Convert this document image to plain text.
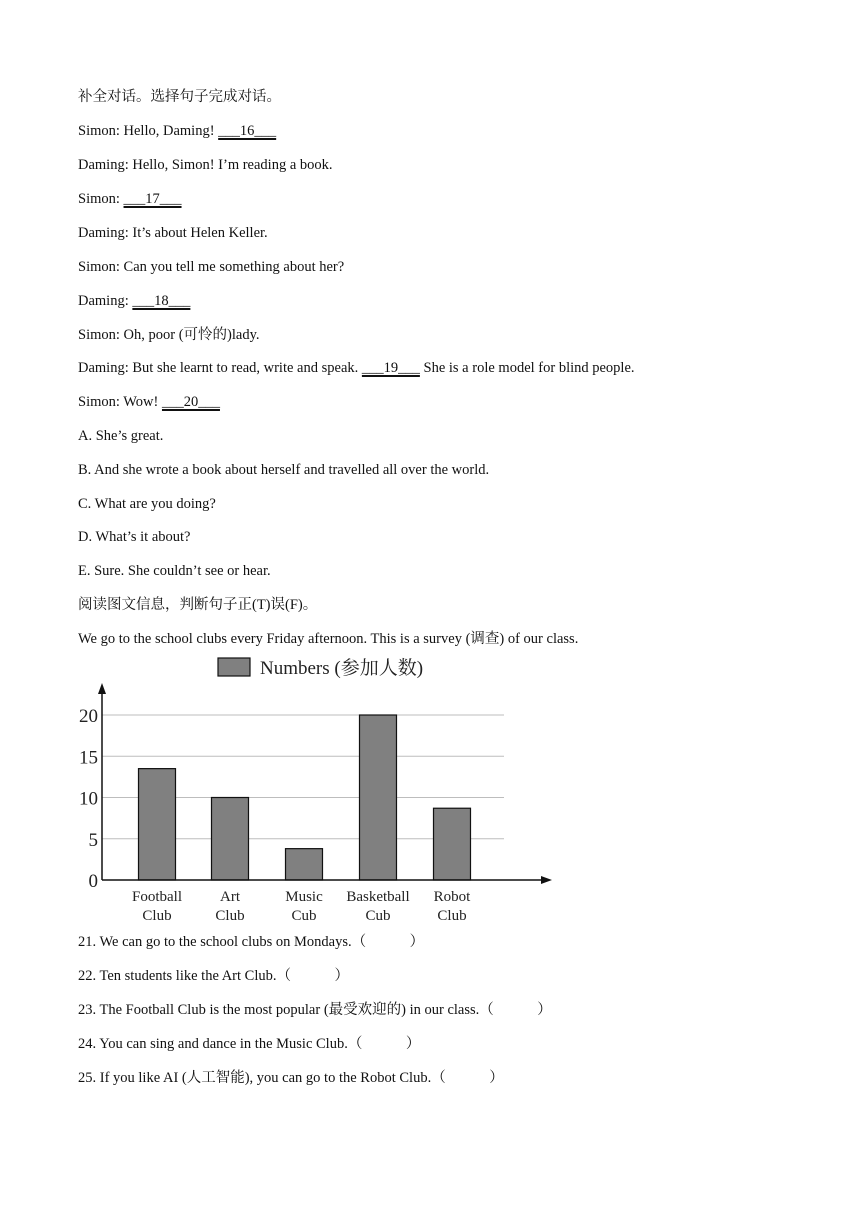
补全对话。选择句子完成对话。
Simon: Hello, Daming! ___16___
Daming: Hello, Simon! I’m reading a book.
Simon: ___17___
Daming: It’s about Helen Keller.
Simon: Can you tell me something about her?
Daming: ___18___
Simon: Oh, poor (可怜的)lady.
Daming: But she learnt to read, write and speak. ___19___ She is a role model for blind people.
Simon: Wow! ___20___
A. She’s great.
B. And she wrote a book about herself and travelled all over the world.
C. What are you doing?
D. What’s it about?
E. Sure. She couldn’t see or hear.
阅读图文信息，判断句子正(T)误(F)。
We go to the school clubs every Friday afternoon. This is a survey (调查) of our class.
Numbers (参加人数)
0
5
10
15
20
Football
Club
Art
Club
Music
Cub
Basketball
Cub
Robot
Club
21. We can go to the school clubs on Mondays.（　　　）
22. Ten students like the Art Club.（　　　）
23. The Football Club is the most popular (最受欢迎的) in our class.（　　　）
24. You can sing and dance in the Music Club.（　　　）
25. If you like AI (人工智能), you can go to the Robot Club.（　　　）
